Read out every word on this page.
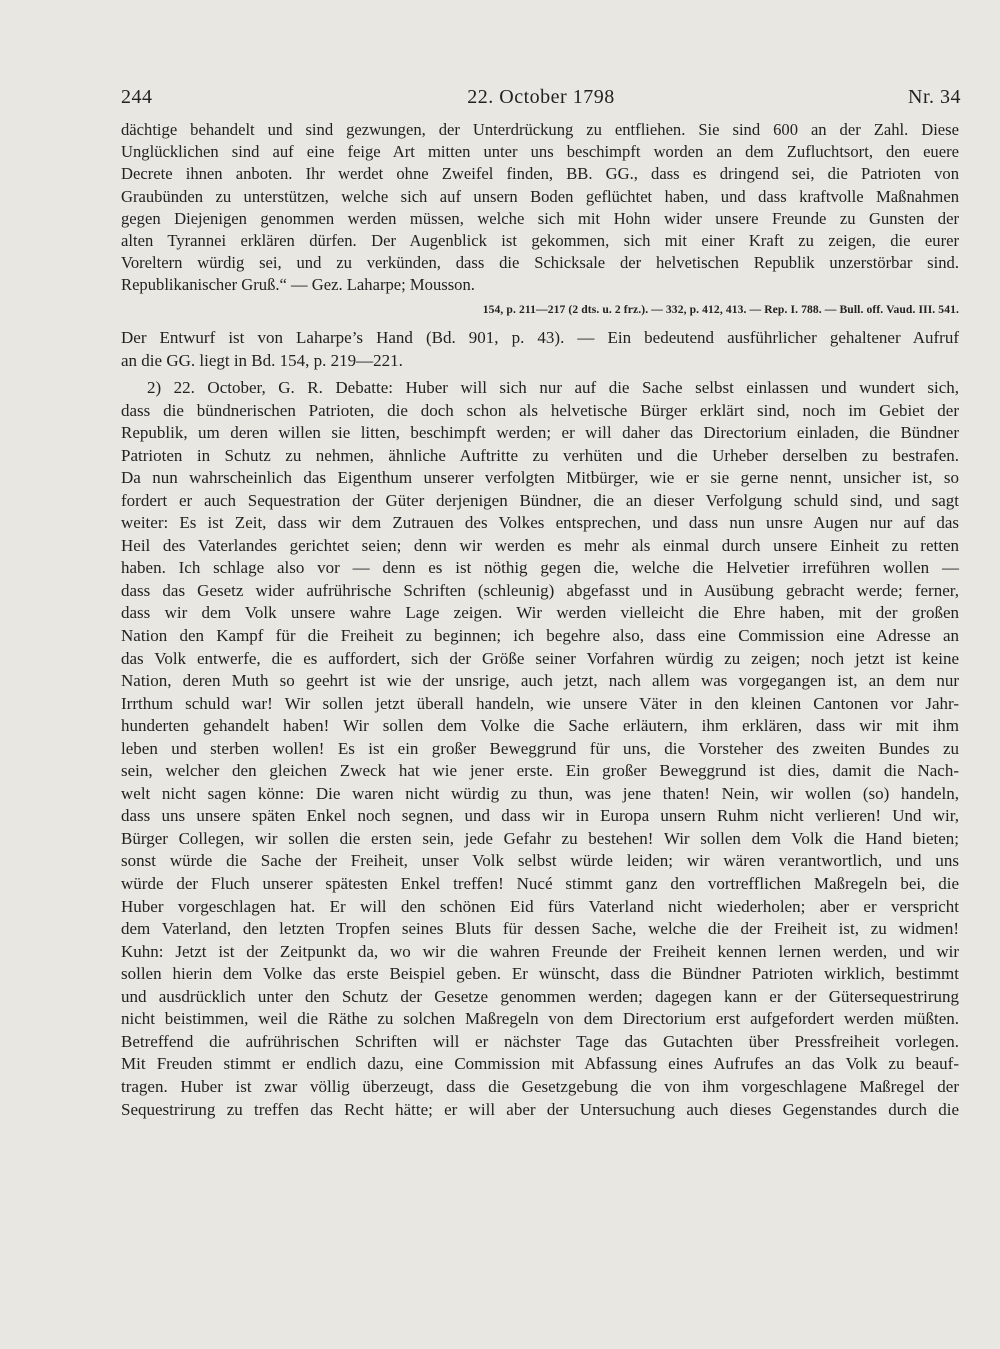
244	22. October 1798	Nr. 34
dächtige behandelt und sind gezwungen, der Unterdrückung zu entfliehen. Sie sind 600 an der Zahl. Diese
Unglücklichen sind auf eine feige Art mitten unter uns beschimpft worden an dem Zufluchtsort, den euere
Decrete ihnen anboten. Ihr werdet ohne Zweifel finden, BB. GG., dass es dringend sei, die Patrioten von
Graubünden zu unterstützen, welche sich auf unsern Boden geflüchtet haben, und dass kraftvolle Maßnahmen
gegen Diejenigen genommen werden müssen, welche sich mit Hohn wider unsere Freunde zu Gunsten der
alten Tyrannei erklären dürfen. Der Augenblick ist gekommen, sich mit einer Kraft zu zeigen, die eurer
Voreltern würdig sei, und zu verkünden, dass die Schicksale der helvetischen Republik unzerstörbar sind.
Republikanischer Gruß.“ — Gez. Laharpe; Mousson.
154, p. 211—217 (2 dts. u. 2 frz.). — 332, p. 412, 413. — Rep. I. 788. — Bull. off. Vaud. III. 541.
Der Entwurf ist von Laharpe’s Hand (Bd. 901, p. 43). — Ein bedeutend ausführlicher gehaltener Aufruf
an die GG. liegt in Bd. 154, p. 219—221.
2) 22. October, G. R. Debatte: Huber will sich nur auf die Sache selbst einlassen und wundert sich,
dass die bündnerischen Patrioten, die doch schon als helvetische Bürger erklärt sind, noch im Gebiet der
Republik, um deren willen sie litten, beschimpft werden; er will daher das Directorium einladen, die Bündner
Patrioten in Schutz zu nehmen, ähnliche Auftritte zu verhüten und die Urheber derselben zu bestrafen.
Da nun wahrscheinlich das Eigenthum unserer verfolgten Mitbürger, wie er sie gerne nennt, unsicher ist, so
fordert er auch Sequestration der Güter derjenigen Bündner, die an dieser Verfolgung schuld sind, und sagt
weiter: Es ist Zeit, dass wir dem Zutrauen des Volkes entsprechen, und dass nun unsre Augen nur auf das
Heil des Vaterlandes gerichtet seien; denn wir werden es mehr als einmal durch unsere Einheit zu retten
haben. Ich schlage also vor — denn es ist nöthig gegen die, welche die Helvetier irreführen wollen —
dass das Gesetz wider aufrührische Schriften (schleunig) abgefasst und in Ausübung gebracht werde; ferner,
dass wir dem Volk unsere wahre Lage zeigen. Wir werden vielleicht die Ehre haben, mit der großen
Nation den Kampf für die Freiheit zu beginnen; ich begehre also, dass eine Commission eine Adresse an
das Volk entwerfe, die es auffordert, sich der Größe seiner Vorfahren würdig zu zeigen; noch jetzt ist keine
Nation, deren Muth so geehrt ist wie der unsrige, auch jetzt, nach allem was vorgegangen ist, an dem nur
Irrthum schuld war! Wir sollen jetzt überall handeln, wie unsere Väter in den kleinen Cantonen vor Jahr-
hunderten gehandelt haben! Wir sollen dem Volke die Sache erläutern, ihm erklären, dass wir mit ihm
leben und sterben wollen! Es ist ein großer Beweggrund für uns, die Vorsteher des zweiten Bundes zu
sein, welcher den gleichen Zweck hat wie jener erste. Ein großer Beweggrund ist dies, damit die Nach-
welt nicht sagen könne: Die waren nicht würdig zu thun, was jene thaten! Nein, wir wollen (so) handeln,
dass uns unsere späten Enkel noch segnen, und dass wir in Europa unsern Ruhm nicht verlieren! Und wir,
Bürger Collegen, wir sollen die ersten sein, jede Gefahr zu bestehen! Wir sollen dem Volk die Hand bieten;
sonst würde die Sache der Freiheit, unser Volk selbst würde leiden; wir wären verantwortlich, und uns
würde der Fluch unserer spätesten Enkel treffen! Nucé stimmt ganz den vortrefflichen Maßregeln bei, die
Huber vorgeschlagen hat. Er will den schönen Eid fürs Vaterland nicht wiederholen; aber er verspricht
dem Vaterland, den letzten Tropfen seines Bluts für dessen Sache, welche die der Freiheit ist, zu widmen!
Kuhn: Jetzt ist der Zeitpunkt da, wo wir die wahren Freunde der Freiheit kennen lernen werden, und wir
sollen hierin dem Volke das erste Beispiel geben. Er wünscht, dass die Bündner Patrioten wirklich, bestimmt
und ausdrücklich unter den Schutz der Gesetze genommen werden; dagegen kann er der Gütersequestrirung
nicht beistimmen, weil die Räthe zu solchen Maßregeln von dem Directorium erst aufgefordert werden müßten.
Betreffend die aufrührischen Schriften will er nächster Tage das Gutachten über Pressfreiheit vorlegen.
Mit Freuden stimmt er endlich dazu, eine Commission mit Abfassung eines Aufrufes an das Volk zu beauf-
tragen. Huber ist zwar völlig überzeugt, dass die Gesetzgebung die von ihm vorgeschlagene Maßregel der
Sequestrirung zu treffen das Recht hätte; er will aber der Untersuchung auch dieses Gegenstandes durch die
